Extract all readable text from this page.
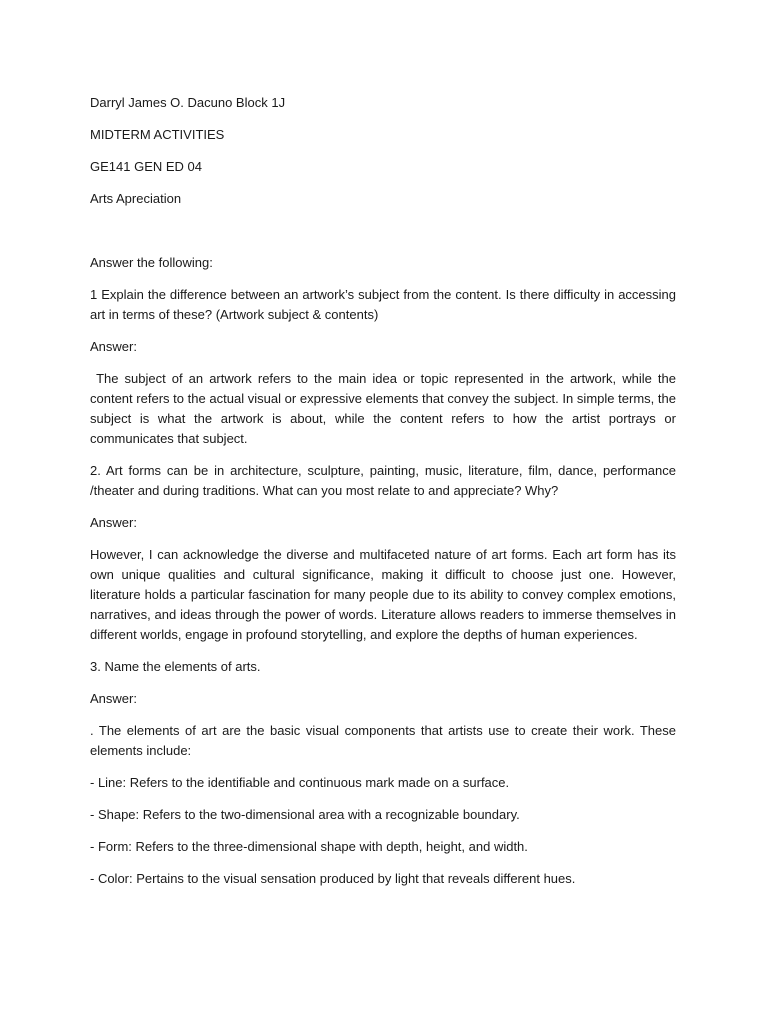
Darryl James O. Dacuno Block 1J

MIDTERM ACTIVITIES

GE141 GEN ED 04

Arts Apreciation

Answer the following:

1 Explain the difference between an artwork’s subject from the content. Is there difficulty in accessing art in terms of these? (Artwork subject & contents)

Answer:

The subject of an artwork refers to the main idea or topic represented in the artwork, while the content refers to the actual visual or expressive elements that convey the subject. In simple terms, the subject is what the artwork is about, while the content refers to how the artist portrays or communicates that subject.

2. Art forms can be in architecture, sculpture, painting, music, literature, film, dance, performance /theater and during traditions. What can you most relate to and appreciate? Why?

Answer:

However, I can acknowledge the diverse and multifaceted nature of art forms. Each art form has its own unique qualities and cultural significance, making it difficult to choose just one. However, literature holds a particular fascination for many people due to its ability to convey complex emotions, narratives, and ideas through the power of words. Literature allows readers to immerse themselves in different worlds, engage in profound storytelling, and explore the depths of human experiences.

3. Name the elements of arts.

Answer:

. The elements of art are the basic visual components that artists use to create their work. These elements include:

- Line: Refers to the identifiable and continuous mark made on a surface.

- Shape: Refers to the two-dimensional area with a recognizable boundary.

- Form: Refers to the three-dimensional shape with depth, height, and width.

- Color: Pertains to the visual sensation produced by light that reveals different hues.
